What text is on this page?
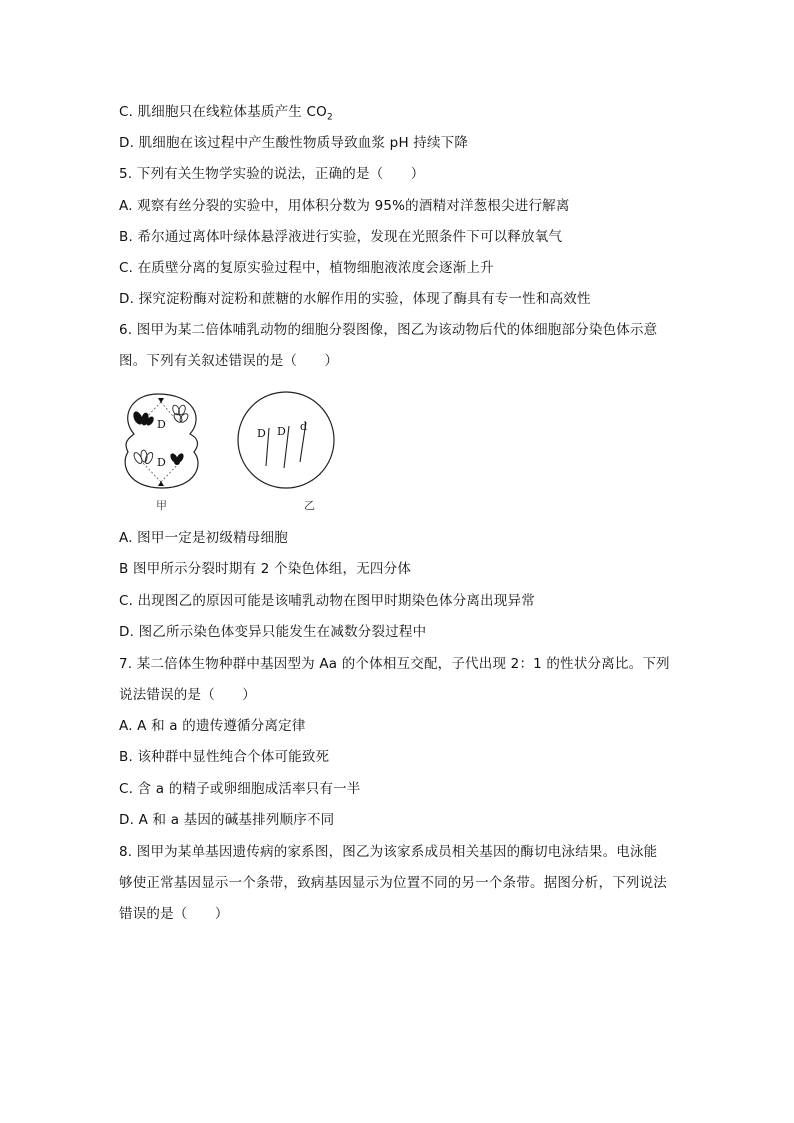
C. 肌细胞只在线粒体基质产生 $CO_2$
D. 肌细胞在该过程中产生酸性物质导致血浆 pH 持续下降
5. 下列有关生物学实验的说法，正确的是（　　）
A. 观察有丝分裂的实验中，用体积分数为 95%的酒精对洋葱根尖进行解离
B. 希尔通过离体叶绿体悬浮液进行实验，发现在光照条件下可以释放氧气
C. 在质壁分离的复原实验过程中，植物细胞液浓度会逐渐上升
D. 探究淀粉酶对淀粉和蔗糖的水解作用的实验，体现了酶具有专一性和高效性
6. 图甲为某二倍体哺乳动物的细胞分裂图像，图乙为该动物后代的体细胞部分染色体示意
图。下列有关叙述错误的是（　　）
D
D
D D d
甲	乙
A. 图甲一定是初级精母细胞
B 图甲所示分裂时期有 2 个染色体组，无四分体
C. 出现图乙的原因可能是该哺乳动物在图甲时期染色体分离出现异常
D. 图乙所示染色体变异只能发生在减数分裂过程中
7. 某二倍体生物种群中基因型为 Aa 的个体相互交配，子代出现 2：1 的性状分离比。下列
说法错误的是（　　）
A. A 和 a 的遗传遵循分离定律
B. 该种群中显性纯合个体可能致死
C. 含 a 的精子或卵细胞成活率只有一半
D. A 和 a 基因的碱基排列顺序不同
8. 图甲为某单基因遗传病的家系图，图乙为该家系成员相关基因的酶切电泳结果。电泳能
够使正常基因显示一个条带，致病基因显示为位置不同的另一个条带。据图分析，下列说法
错误的是（　　）
